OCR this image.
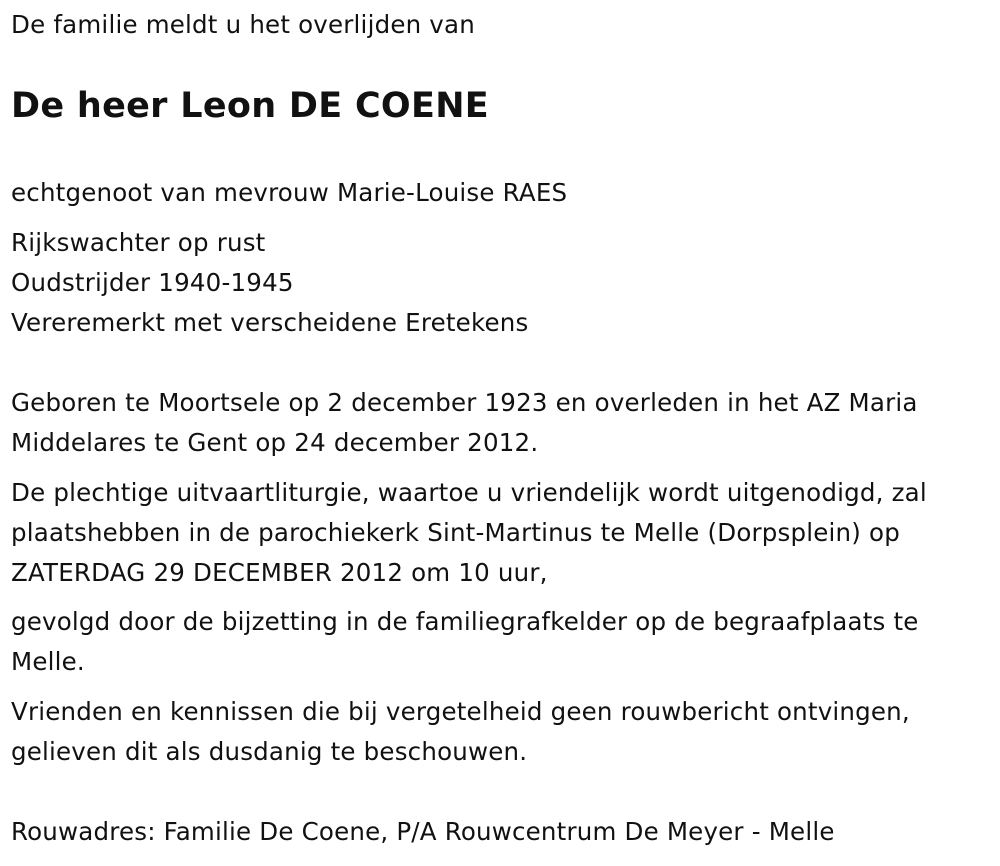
De familie meldt u het overlijden van

De heer Leon DE COENE

echtgenoot van mevrouw Marie-Louise RAES

Rijkswachter op rust

Oudstrijder 1940-1945

Vereremerkt met verscheidene Eretekens

Geboren te Moortsele op 2 december 1923 en overleden in het AZ Maria

Middelares te Gent op 24 december 2012.

De plechtige uitvaartliturgie, waartoe u vriendelijk wordt uitgenodigd, zal

plaatshebben in de parochiekerk Sint-Martinus te Melle (Dorpsplein) op

ZATERDAG 29 DECEMBER 2012 om 10 uur,

gevolgd door de bijzetting in de familiegrafkelder op de begraafplaats te

Melle.

Vrienden en kennissen die bij vergetelheid geen rouwbericht ontvingen,

gelieven dit als dusdanig te beschouwen.

Rouwadres: Familie De Coene, P/A Rouwcentrum De Meyer - Melle
